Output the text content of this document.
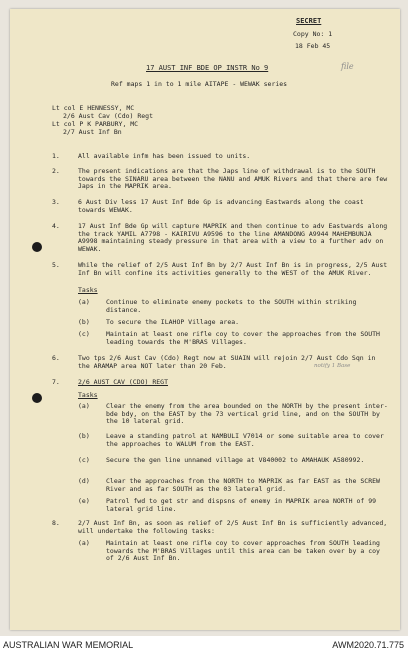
SECRET
Copy No: 1
18 Feb 45
file
17 AUST INF BDE OP INSTR No 9
Ref maps 1 in to 1 mile AITAPE - WEWAK series
Lt col E HENNESSY, MC
2/6 Aust Cav (Cdo) Regt
Lt col P K PARBURY, MC
2/7 Aust Inf Bn
1.	All available infm has been issued to units.
2.	The present indications are that the Japs line of withdrawal is to the SOUTH towards the SINARU area between the NANU and AMUK Rivers and that there are few Japs in the MAPRIK area.
3.	6 Aust Div less 17 Aust Inf Bde Gp is advancing Eastwards along the coast towards WEWAK.
4.	17 Aust Inf Bde Gp will capture MAPRIK and then continue to adv Eastwards along the track YAMIL A7798 - KAIRIVU A9596 to the line AMANDONG A9944 MAHEMBUNJA A9998 maintaining steady pressure in that area with a view to a further adv on WEWAK.
5.	While the relief of 2/5 Aust Inf Bn by 2/7 Aust Inf Bn is in progress, 2/5 Aust Inf Bn will confine its activities generally to the WEST of the AMUK River.
Tasks
(a)	Continue to eliminate enemy pockets to the SOUTH within striking distance.
(b)	To secure the ILAHOP Village area.
(c)	Maintain at least one rifle coy to cover the approaches from the SOUTH leading towards the M'BRAS Villages.
6.	Two tps 2/6 Aust Cav (Cdo) Regt now at SUAIN will rejoin 2/7 Aust Cdo Sqn in the ARAMAP area NOT later than 20 Feb.	notify 1 Base
7.	2/6 AUST CAV (CDO) REGT
Tasks
(a)	Clear the enemy from the area bounded on the NORTH by the present inter-bde bdy, on the EAST by the 73 vertical grid line, and on the SOUTH by the 10 lateral grid.
(b)	Leave a standing patrol at NAMBULI V7014 or some suitable area to cover the approaches to WALUM from the EAST.
(c)	Secure the gen line unnamed village at V840002 to AMAHAUK A580992.
(d)	Clear the approaches from the NORTH to MAPRIK as far EAST as the SCREW River and as far SOUTH as the 03 lateral grid.
(e)	Patrol fwd to get str and dispsns of enemy in MAPRIK area NORTH of 99 lateral grid line.
8.	2/7 Aust Inf Bn, as soon as relief of 2/5 Aust Inf Bn is sufficiently advanced, will undertake the following tasks:
(a)	Maintain at least one rifle coy to cover approaches from SOUTH leading towards the M'BRAS Villages until this area can be taken over by a coy of 2/6 Aust Inf Bn.
AUSTRALIAN WAR MEMORIAL	AWM2020.71.775
